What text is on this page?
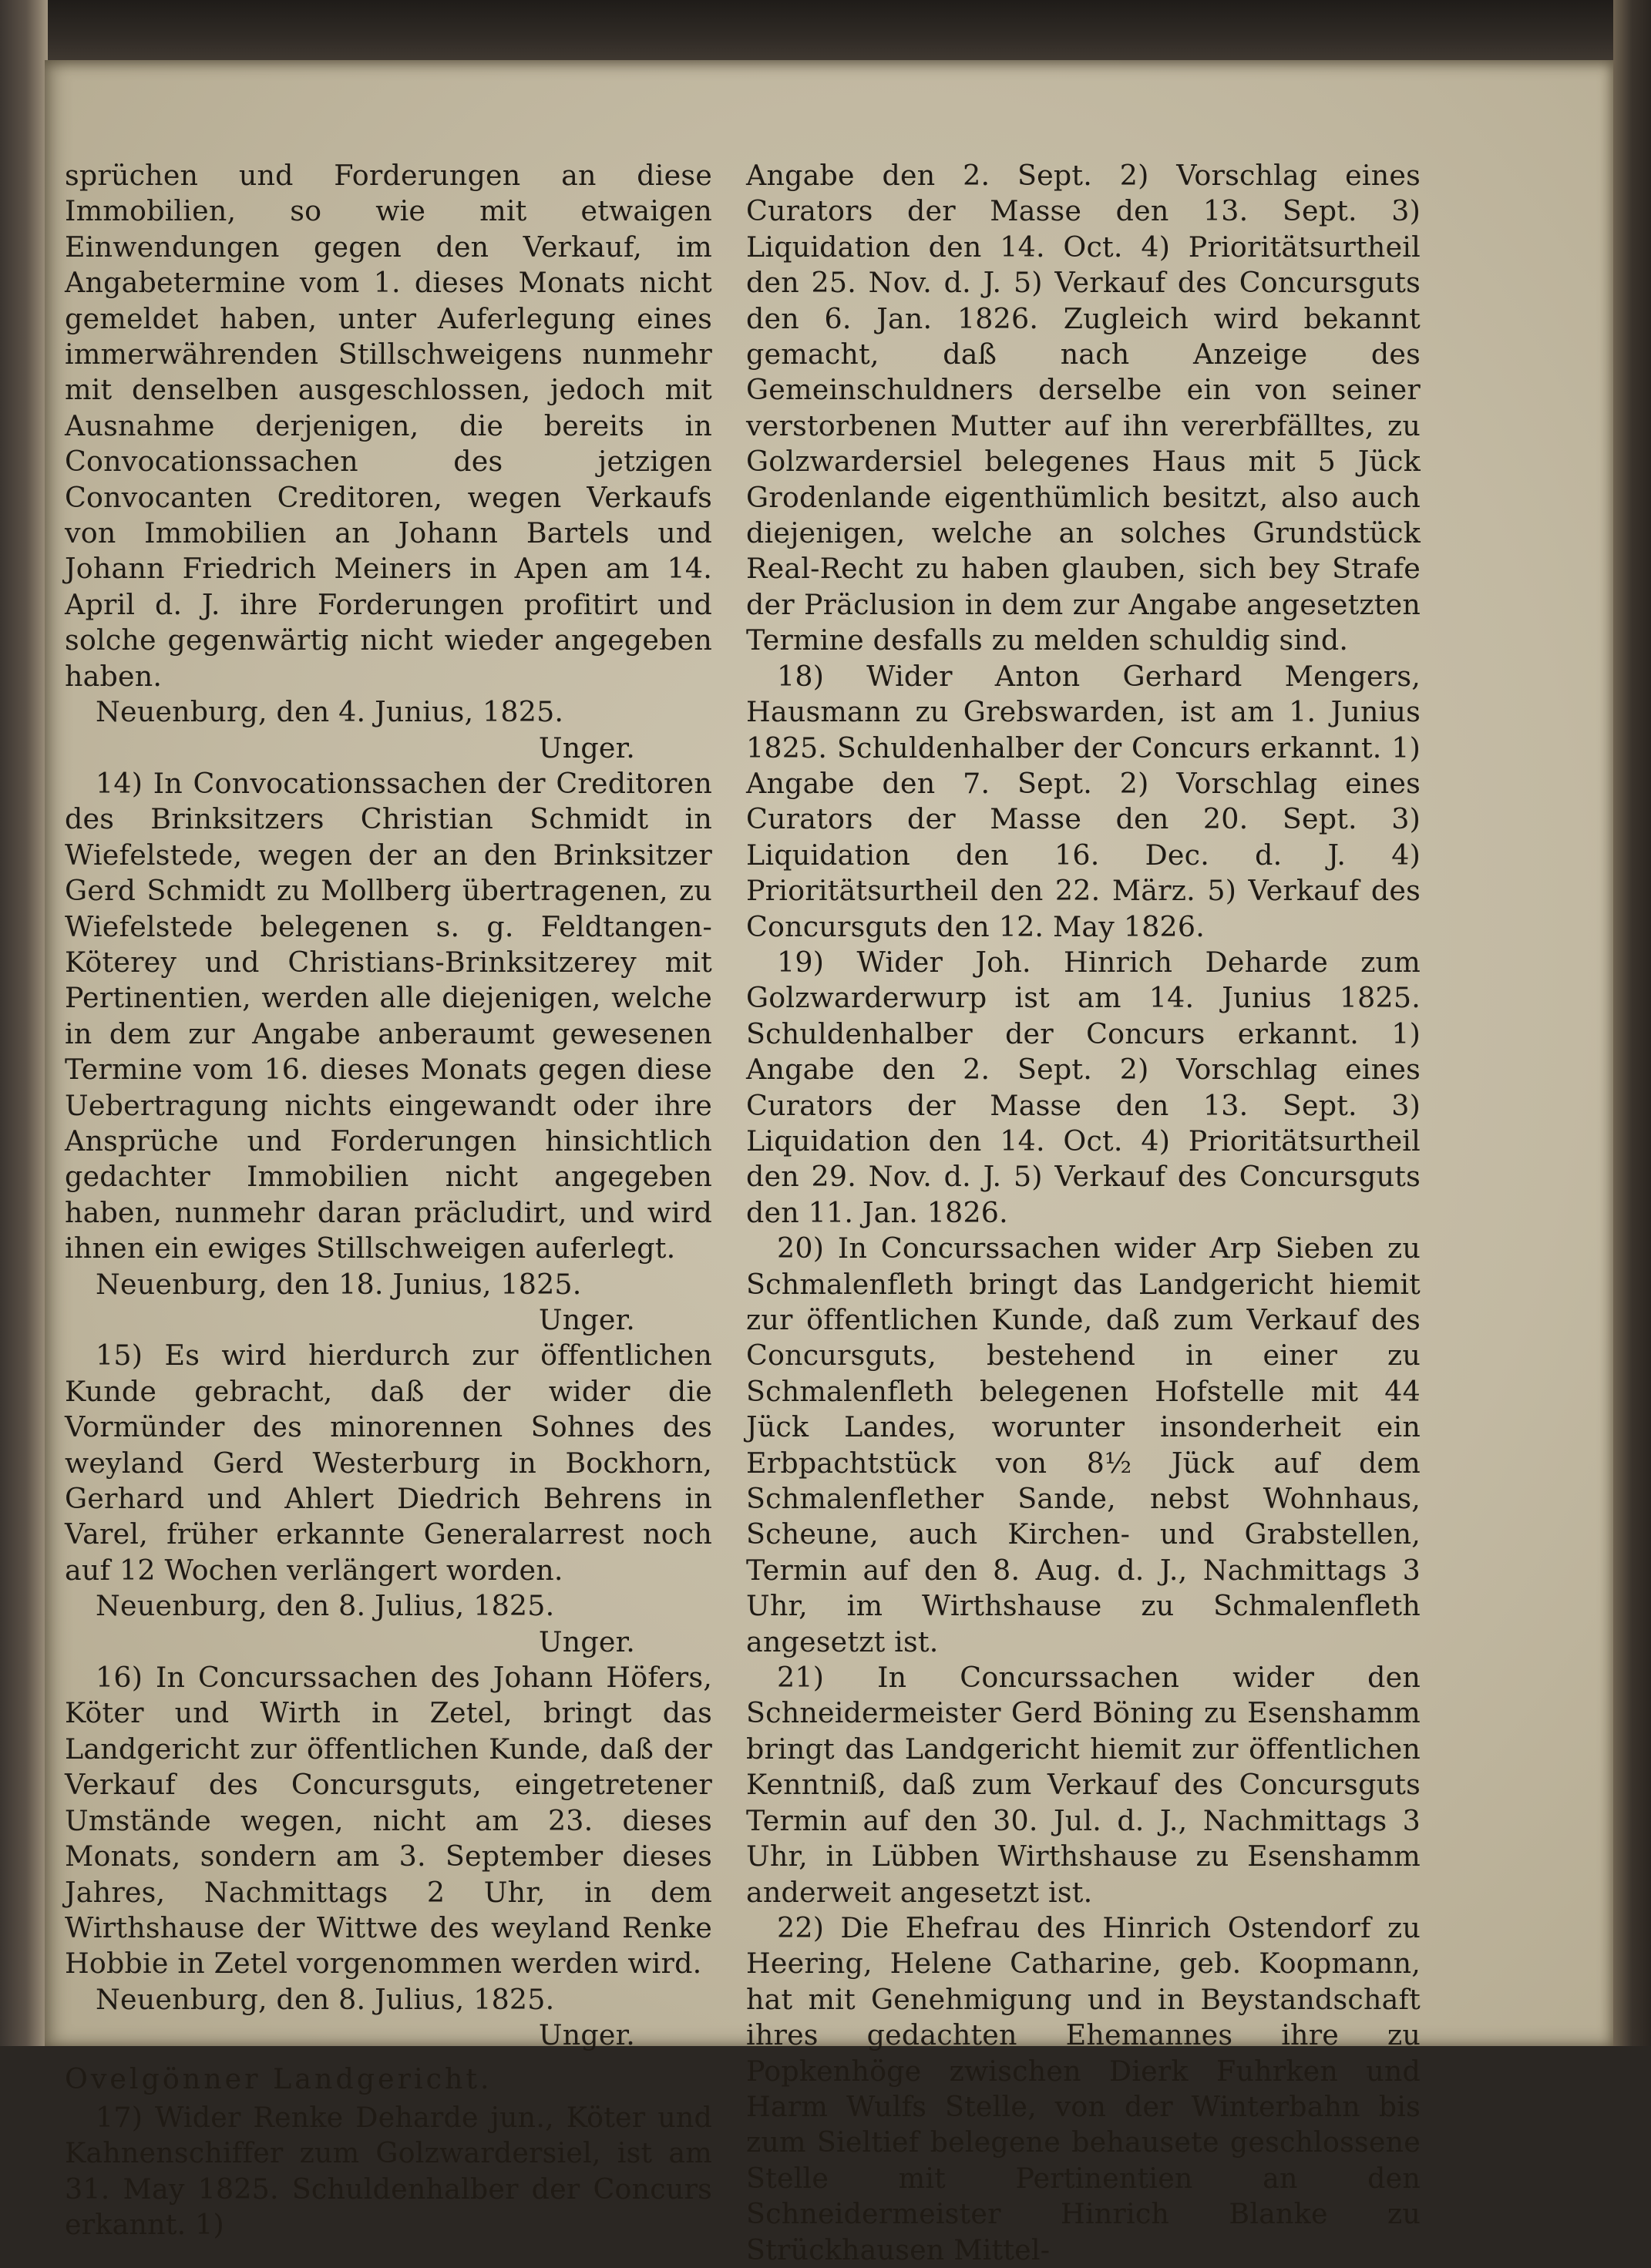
sprüchen und Forderungen an diese Immobilien, so wie mit etwaigen Einwendungen gegen den Verkauf, im Angabetermine vom 1. dieses Monats nicht gemeldet haben, unter Auferlegung eines immerwährenden Stillschweigens nunmehr mit denselben ausgeschlossen, jedoch mit Ausnahme derjenigen, die bereits in Convocationssachen des jetzigen Convocanten Creditoren, wegen Verkaufs von Immobilien an Johann Bartels und Johann Friedrich Meiners in Apen am 14. April d. J. ihre Forderungen profitirt und solche gegenwärtig nicht wieder angegeben haben.

Neuenburg, den 4. Junius, 1825.

Unger.

14) In Convocationssachen der Creditoren des Brinksitzers Christian Schmidt in Wiefelstede, wegen der an den Brinksitzer Gerd Schmidt zu Mollberg übertragenen, zu Wiefelstede belegenen s. g. Feldtangen-Köterey und Christians-Brinksitzerey mit Pertinentien, werden alle diejenigen, welche in dem zur Angabe anberaumt gewesenen Termine vom 16. dieses Monats gegen diese Uebertragung nichts eingewandt oder ihre Ansprüche und Forderungen hinsichtlich gedachter Immobilien nicht angegeben haben, nunmehr daran präcludirt, und wird ihnen ein ewiges Stillschweigen auferlegt.

Neuenburg, den 18. Junius, 1825.

Unger.

15) Es wird hierdurch zur öffentlichen Kunde gebracht, daß der wider die Vormünder des minorennen Sohnes des weyland Gerd Westerburg in Bockhorn, Gerhard und Ahlert Diedrich Behrens in Varel, früher erkannte Generalarrest noch auf 12 Wochen verlängert worden.

Neuenburg, den 8. Julius, 1825.

Unger.

16) In Concurssachen des Johann Höfers, Köter und Wirth in Zetel, bringt das Landgericht zur öffentlichen Kunde, daß der Verkauf des Concursguts, eingetretener Umstände wegen, nicht am 23. dieses Monats, sondern am 3. September dieses Jahres, Nachmittags 2 Uhr, in dem Wirthshause der Wittwe des weyland Renke Hobbie in Zetel vorgenommen werden wird.

Neuenburg, den 8. Julius, 1825.

Unger.

Ovelgönner Landgericht.

17) Wider Renke Deharde jun., Köter und Kahnenschiffer zum Golzwardersiel, ist am 31. May 1825. Schuldenhalber der Concurs erkannt. 1)

Angabe den 2. Sept. 2) Vorschlag eines Curators der Masse den 13. Sept. 3) Liquidation den 14. Oct. 4) Prioritätsurtheil den 25. Nov. d. J. 5) Verkauf des Concursguts den 6. Jan. 1826. Zugleich wird bekannt gemacht, daß nach Anzeige des Gemeinschuldners derselbe ein von seiner verstorbenen Mutter auf ihn vererbfälltes, zu Golzwardersiel belegenes Haus mit 5 Jück Grodenlande eigenthümlich besitzt, also auch diejenigen, welche an solches Grundstück Real-Recht zu haben glauben, sich bey Strafe der Präclusion in dem zur Angabe angesetzten Termine desfalls zu melden schuldig sind.

18) Wider Anton Gerhard Mengers, Hausmann zu Grebswarden, ist am 1. Junius 1825. Schuldenhalber der Concurs erkannt. 1) Angabe den 7. Sept. 2) Vorschlag eines Curators der Masse den 20. Sept. 3) Liquidation den 16. Dec. d. J. 4) Prioritätsurtheil den 22. März. 5) Verkauf des Concursguts den 12. May 1826.

19) Wider Joh. Hinrich Deharde zum Golzwarderwurp ist am 14. Junius 1825. Schuldenhalber der Concurs erkannt. 1) Angabe den 2. Sept. 2) Vorschlag eines Curators der Masse den 13. Sept. 3) Liquidation den 14. Oct. 4) Prioritätsurtheil den 29. Nov. d. J. 5) Verkauf des Concursguts den 11. Jan. 1826.

20) In Concurssachen wider Arp Sieben zu Schmalenfleth bringt das Landgericht hiemit zur öffentlichen Kunde, daß zum Verkauf des Concursguts, bestehend in einer zu Schmalenfleth belegenen Hofstelle mit 44 Jück Landes, worunter insonderheit ein Erbpachtstück von 8½ Jück auf dem Schmalenflether Sande, nebst Wohnhaus, Scheune, auch Kirchen- und Grabstellen, Termin auf den 8. Aug. d. J., Nachmittags 3 Uhr, im Wirthshause zu Schmalenfleth angesetzt ist.

21) In Concurssachen wider den Schneidermeister Gerd Böning zu Esenshamm bringt das Landgericht hiemit zur öffentlichen Kenntniß, daß zum Verkauf des Concursguts Termin auf den 30. Jul. d. J., Nachmittags 3 Uhr, in Lübben Wirthshause zu Esenshamm anderweit angesetzt ist.

22) Die Ehefrau des Hinrich Ostendorf zu Heering, Helene Catharine, geb. Koopmann, hat mit Genehmigung und in Beystandschaft ihres gedachten Ehemannes ihre zu Popkenhöge zwischen Dierk Fuhrken und Harm Wulfs Stelle, von der Winterbahn bis zum Sieltief belegene behausete geschlossene Stelle mit Pertinentien an den Schneidermeister Hinrich Blanke zu Strückhausen Mittel-
